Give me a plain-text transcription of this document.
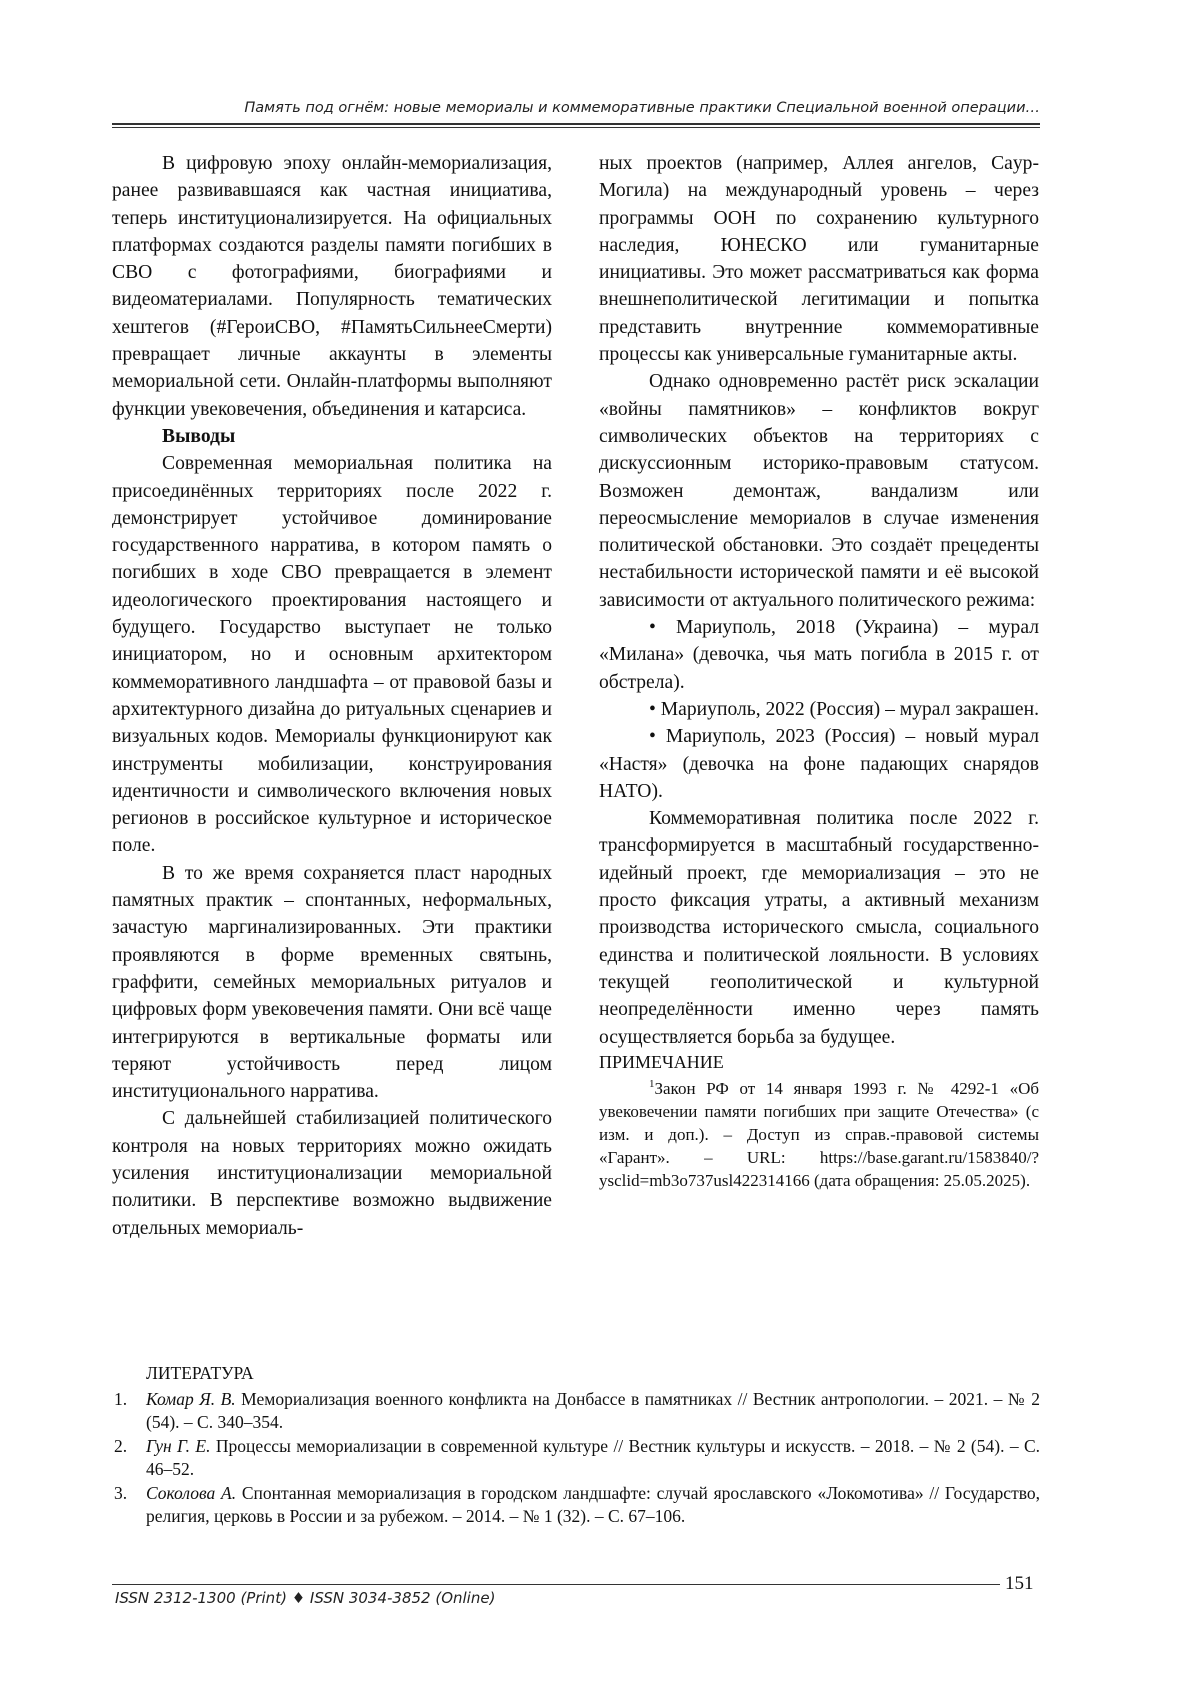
Память под огнём: новые мемориалы и коммеморативные практики Специальной военной операции…

В цифровую эпоху онлайн-мемориализация, ранее развивавшаяся как частная инициатива, теперь институционализируется. На официальных платформах создаются разделы памяти погибших в СВО с фотографиями, биографиями и видеоматериалами. Популярность тематических хештегов (#ГероиСВО, #ПамятьСильнееСмерти) превращает личные аккаунты в элементы мемориальной сети. Онлайн-платформы выполняют функции увековечения, объединения и катарсиса.

Выводы

Современная мемориальная политика на присоединённых территориях после 2022 г. демонстрирует устойчивое доминирование государственного нарратива, в котором память о погибших в ходе СВО превращается в элемент идеологического проектирования настоящего и будущего. Государство выступает не только инициатором, но и основным архитектором коммеморативного ландшафта – от правовой базы и архитектурного дизайна до ритуальных сценариев и визуальных кодов. Мемориалы функционируют как инструменты мобилизации, конструирования идентичности и символического включения новых регионов в российское культурное и историческое поле.

В то же время сохраняется пласт народных памятных практик – спонтанных, неформальных, зачастую маргинализированных. Эти практики проявляются в форме временных святынь, граффити, семейных мемориальных ритуалов и цифровых форм увековечения памяти. Они всё чаще интегрируются в вертикальные форматы или теряют устойчивость перед лицом институционального нарратива.

С дальнейшей стабилизацией политического контроля на новых территориях можно ожидать усиления институционализации мемориальной политики. В перспективе возможно выдвижение отдельных мемориаль-

ных проектов (например, Аллея ангелов, Сaур-Могила) на международный уровень – через программы ООН по сохранению культурного наследия, ЮНЕСКО или гуманитарные инициативы. Это может рассматриваться как форма внешнеполитической легитимации и попытка представить внутренние коммеморативные процессы как универсальные гуманитарные акты.

Однако одновременно растёт риск эскалации «войны памятников» – конфликтов вокруг символических объектов на территориях с дискуссионным историко-правовым статусом. Возможен демонтаж, вандализм или переосмысление мемориалов в случае изменения политической обстановки. Это создаёт прецеденты нестабильности исторической памяти и её высокой зависимости от актуального политического режима:

• Мариуполь, 2018 (Украина) – мурал «Милана» (девочка, чья мать погибла в 2015 г. от обстрела).

• Мариуполь, 2022 (Россия) – мурал закрашен.

• Мариуполь, 2023 (Россия) – новый мурал «Настя» (девочка на фоне падающих снарядов НАТО).

Коммеморативная политика после 2022 г. трансформируется в масштабный государственно-идейный проект, где мемориализация – это не просто фиксация утраты, а активный механизм производства исторического смысла, социального единства и политической лояльности. В условиях текущей геополитической и культурной неопределённости именно через память осуществляется борьба за будущее.

ПРИМЕЧАНИЕ

$^1$Закон РФ от 14 января 1993 г. № 4292-1 «Об увековечении памяти погибших при защите Отечества» (с изм. и доп.). – Доступ из справ.-правовой системы «Гарант». – URL: https://base.garant.ru/1583840/?ysclid=mb3o737usl422314166 (дата обращения: 25.05.2025).

ЛИТЕРАТУРА
1. Комар Я. В. Мемориализация военного конфликта на Донбассе в памятниках // Вестник антропологии. – 2021. – № 2 (54). – С. 340–354.
2. Гун Г. Е. Процессы мемориализации в современной культуре // Вестник культуры и искусств. – 2018. – № 2 (54). – С. 46–52.
3. Соколова А. Спонтанная мемориализация в городском ландшафте: случай ярославского «Локомотива» // Государство, религия, церковь в России и за рубежом. – 2014. – № 1 (32). – С. 67–106.
ISSN 2312-1300 (Print) ♦ ISSN 3034-3852 (Online)
151
